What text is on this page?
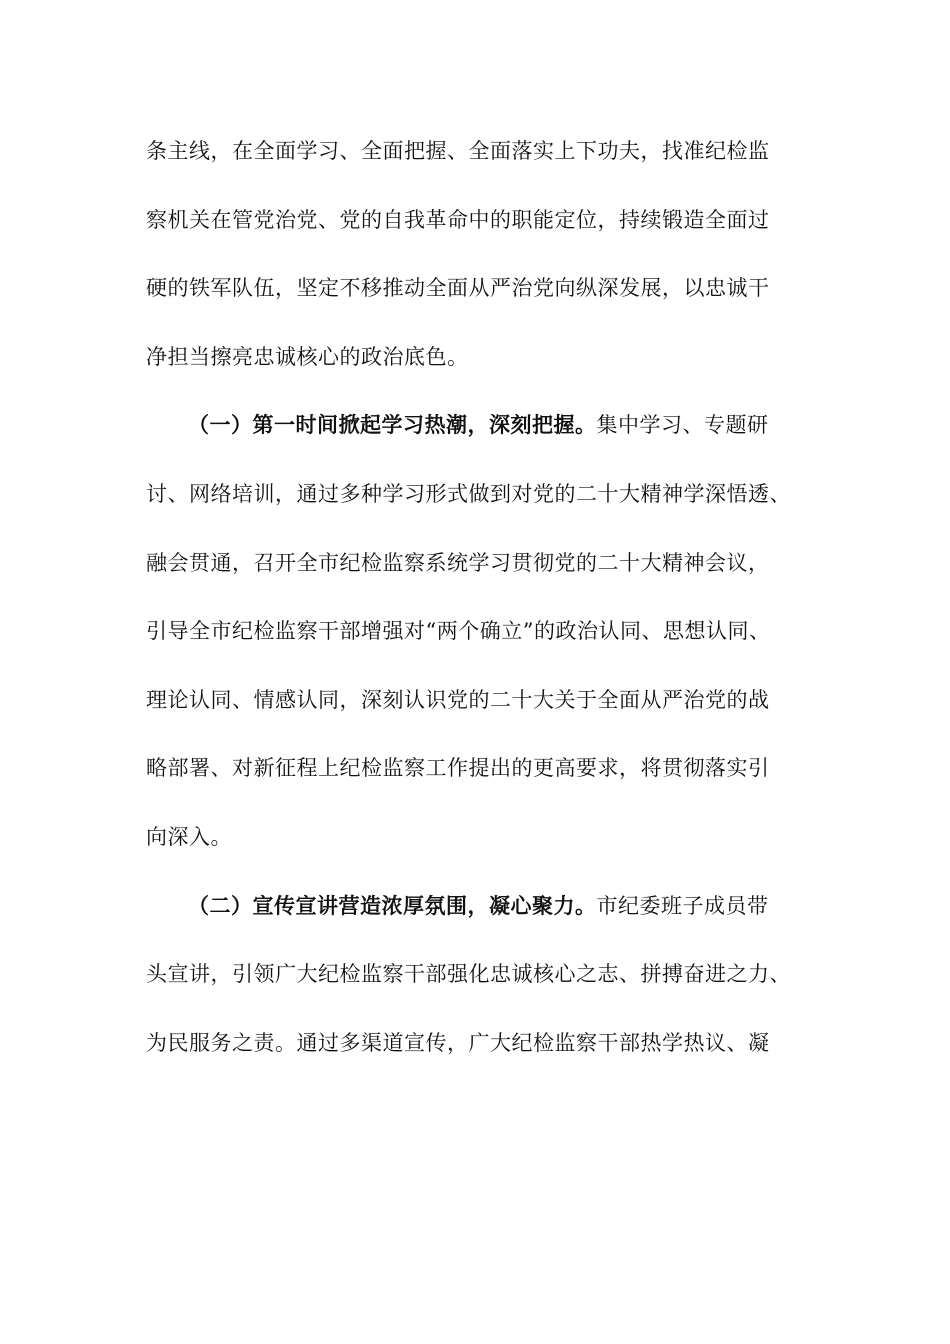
条主线，在全面学习、全面把握、全面落实上下功夫，找准纪检监
察机关在管党治党、党的自我革命中的职能定位，持续锻造全面过
硬的铁军队伍，坚定不移推动全面从严治党向纵深发展，以忠诚干
净担当擦亮忠诚核心的政治底色。
（一）第一时间掀起学习热潮，深刻把握。集中学习、专题研
讨、网络培训，通过多种学习形式做到对党的二十大精神学深悟透、
融会贯通，召开全市纪检监察系统学习贯彻党的二十大精神会议，
引导全市纪检监察干部增强对“两个确立”的政治认同、思想认同、
理论认同、情感认同，深刻认识党的二十大关于全面从严治党的战
略部署、对新征程上纪检监察工作提出的更高要求，将贯彻落实引
向深入。
（二）宣传宣讲营造浓厚氛围，凝心聚力。市纪委班子成员带
头宣讲，引领广大纪检监察干部强化忠诚核心之志、拼搏奋进之力、
为民服务之责。通过多渠道宣传，广大纪检监察干部热学热议、凝
